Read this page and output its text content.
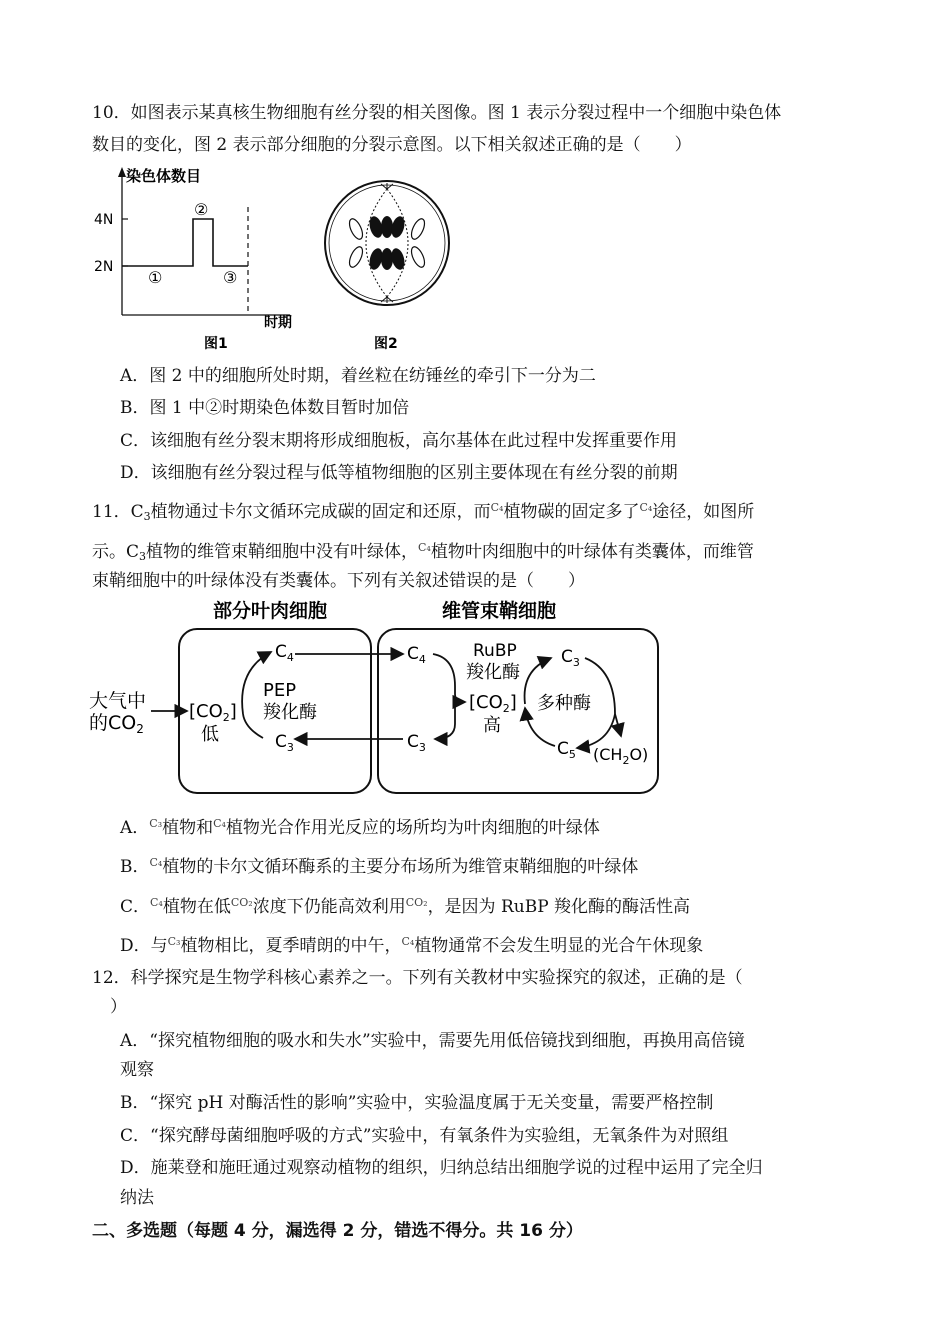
10．如图表示某真核生物细胞有丝分裂的相关图像。图 1 表示分裂过程中一个细胞中染色体
数目的变化，图 2 表示部分细胞的分裂示意图。以下相关叙述正确的是（　　）
染色体数目
4N
2N
①
②
③
时期
图1	图2
A．图 2 中的细胞所处时期，着丝粒在纺锤丝的牵引下一分为二
B．图 1 中②时期染色体数目暂时加倍
C．该细胞有丝分裂末期将形成细胞板，高尔基体在此过程中发挥重要作用
D．该细胞有丝分裂过程与低等植物细胞的区别主要体现在有丝分裂的前期
11．$C_3$植物通过卡尔文循环完成碳的固定和还原，而$^{C_4}$植物碳的固定多了$^{C_4}$途径，如图所
示。$C_3$植物的维管束鞘细胞中没有叶绿体，$^{C_4}$植物叶肉细胞中的叶绿体有类囊体，而维管
束鞘细胞中的叶绿体没有类囊体。下列有关叙述错误的是（　　）
部分叶肉细胞	维管束鞘细胞
大气中
的$CO_2$
$[CO_2]$
低
$C_4$
$C_3$
PEP
羧化酶
$C_4$
$C_3$
RuBP
羧化酶
$[CO_2]$
高
多种酶
$C_3$
$C_5$ $(CH_2O)$
A．$^{C_3}$植物和$^{C_4}$植物光合作用光反应的场所均为叶肉细胞的叶绿体
B．$^{C_4}$植物的卡尔文循环酶系的主要分布场所为维管束鞘细胞的叶绿体
C．$^{C_4}$植物在低$^{CO_2}$浓度下仍能高效利用$^{CO_2}$，是因为 RuBP 羧化酶的酶活性高
D．与$^{C_3}$植物相比，夏季晴朗的中午，$^{C_4}$植物通常不会发生明显的光合午休现象
12．科学探究是生物学科核心素养之一。下列有关教材中实验探究的叙述，正确的是（
）
A．“探究植物细胞的吸水和失水”实验中，需要先用低倍镜找到细胞，再换用高倍镜
观察
B．“探究 pH 对酶活性的影响”实验中，实验温度属于无关变量，需要严格控制
C．“探究酵母菌细胞呼吸的方式”实验中，有氧条件为实验组，无氧条件为对照组
D．施莱登和施旺通过观察动植物的组织，归纳总结出细胞学说的过程中运用了完全归
纳法
二、多选题（每题 4 分，漏选得 2 分，错选不得分。共 16 分）
